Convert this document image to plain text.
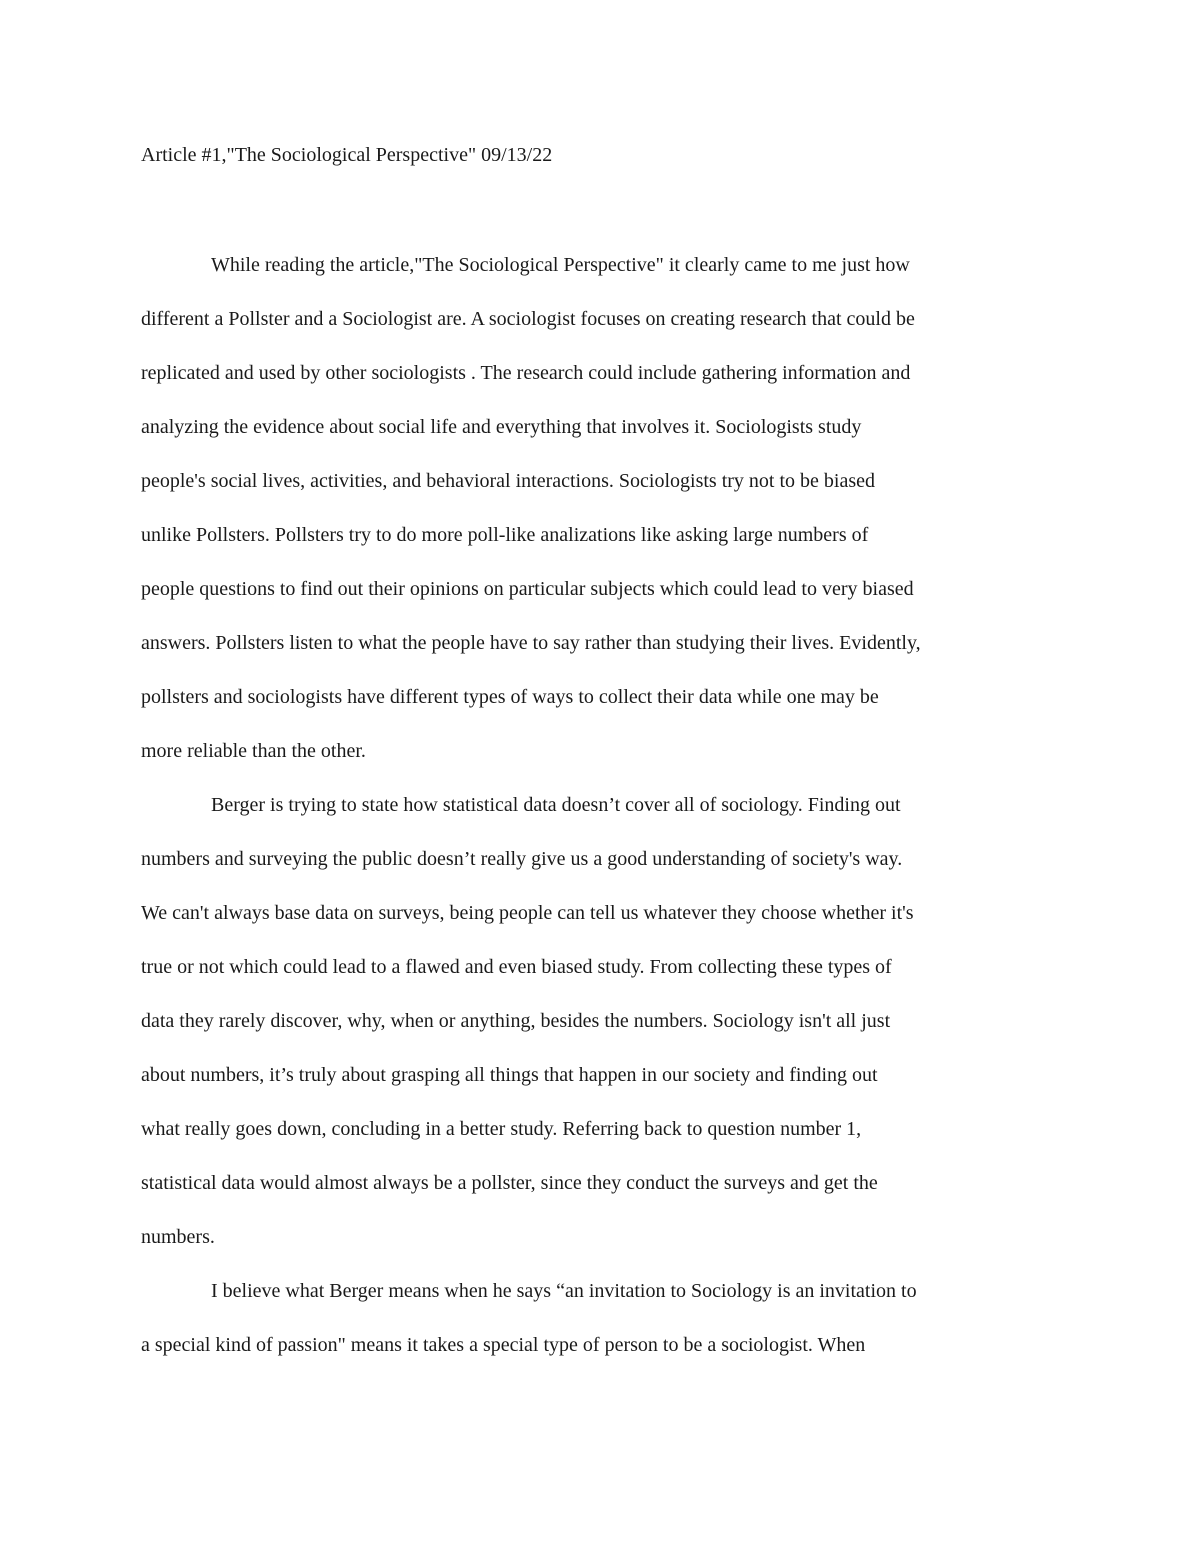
Article #1,"The Sociological Perspective" 09/13/22
While reading the article,"The Sociological Perspective" it clearly came to me just how
different a Pollster and a Sociologist are. A sociologist focuses on creating research that could be
replicated and used by other sociologists . The research could include gathering information and
analyzing the evidence about social life and everything that involves it. Sociologists study
people's social lives, activities, and behavioral interactions. Sociologists try not to be biased
unlike Pollsters. Pollsters try to do more poll-like analizations like asking large numbers of
people questions to find out their opinions on particular subjects which could lead to very biased
answers. Pollsters listen to what the people have to say rather than studying their lives. Evidently,
pollsters and sociologists have different types of ways to collect their data while one may be
more reliable than the other.
Berger is trying to state how statistical data doesn’t cover all of sociology. Finding out
numbers and surveying the public doesn’t really give us a good understanding of society's way.
We can't always base data on surveys, being people can tell us whatever they choose whether it's
true or not which could lead to a flawed and even biased study. From collecting these types of
data they rarely discover, why, when or anything, besides the numbers. Sociology isn't all just
about numbers, it’s truly about grasping all things that happen in our society and finding out
what really goes down, concluding in a better study. Referring back to question number 1,
statistical data would almost always be a pollster, since they conduct the surveys and get the
numbers.
I believe what Berger means when he says “an invitation to Sociology is an invitation to
a special kind of passion" means it takes a special type of person to be a sociologist. When
